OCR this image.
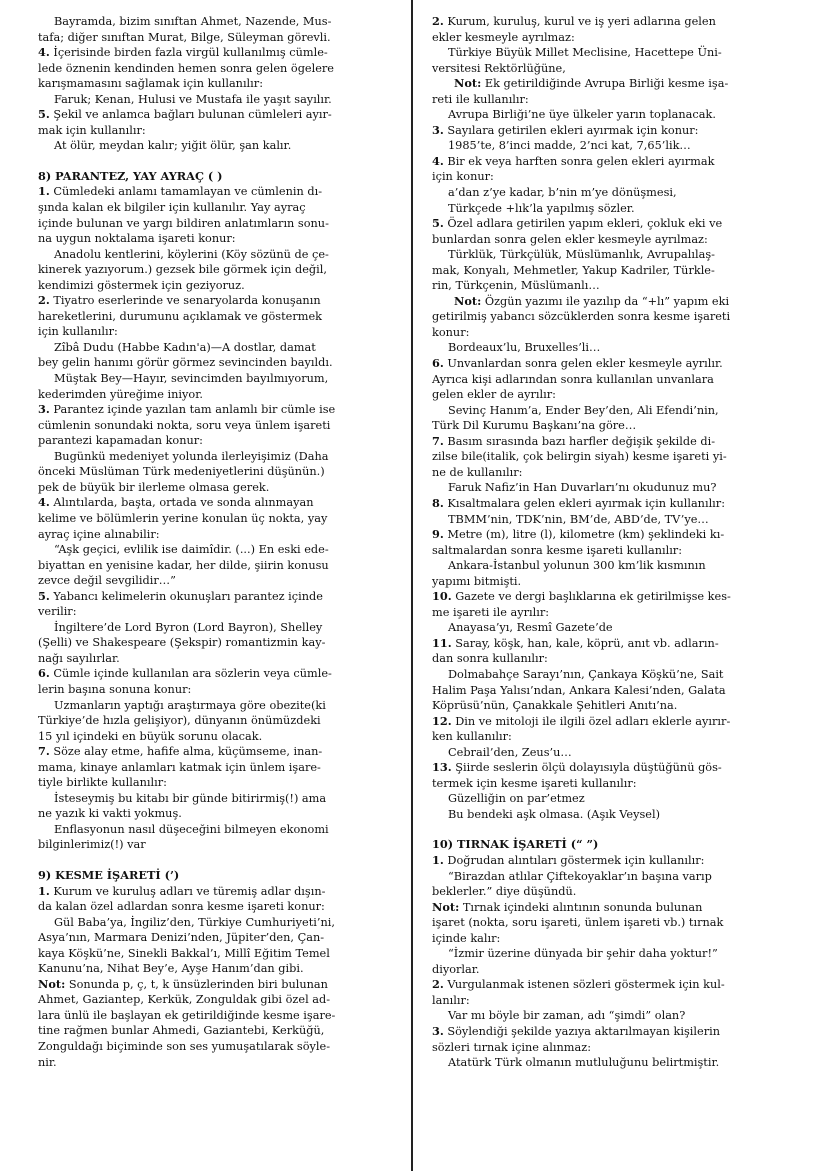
Bayramda, bizim sınıftan Ahmet, Nazende, Mus-
tafa; diğer sınıftan Murat, Bilge, Süleyman görevli.
4. İçerisinde birden fazla virgül kullanılmış cümle-
lede öznenin kendinden hemen sonra gelen ögelere
karışmamasını sağlamak için kullanılır:
Faruk; Kenan, Hulusi ve Mustafa ile yaşıt sayılır.
5. Şekil ve anlamca bağları bulunan cümleleri ayır-
mak için kullanılır:
At ölür, meydan kalır; yiğit ölür, şan kalır.
8) PARANTEZ, YAY AYRAÇ ( )
1. Cümledeki anlamı tamamlayan ve cümlenin dı-
şında kalan ek bilgiler için kullanılır. Yay ayraç
içinde bulunan ve yargı bildiren anlatımların sonu-
na uygun noktalama işareti konur:
Anadolu kentlerini, köylerini (Köy sözünü de çe-
kinerek yazıyorum.) gezsek bile görmek için değil,
kendimizi göstermek için geziyoruz.
2. Tiyatro eserlerinde ve senaryolarda konuşanın
hareketlerini, durumunu açıklamak ve göstermek
için kullanılır:
Zîbâ Dudu (Habbe Kadın'a)—A dostlar, damat
bey gelin hanımı görür görmez sevincinden bayıldı.
Müştak Bey—Hayır, sevincimden bayılmıyorum,
kederimden yüreğime iniyor.
3. Parantez içinde yazılan tam anlamlı bir cümle ise
cümlenin sonundaki nokta, soru veya ünlem işareti
parantezi kapamadan konur:
Bugünkü medeniyet yolunda ilerleyişimiz (Daha
önceki Müslüman Türk medeniyetlerini düşünün.)
pek de büyük bir ilerleme olmasa gerek.
4. Alıntılarda, başta, ortada ve sonda alınmayan
kelime ve bölümlerin yerine konulan üç nokta, yay
ayraç içine alınabilir:
“Aşk geçici, evlilik ise daimîdir. (...) En eski ede-
biyattan en yenisine kadar, her dilde, şiirin konusu
zevce değil sevgilidir…”
5. Yabancı kelimelerin okunuşları parantez içinde
verilir:
İngiltere’de Lord Byron (Lord Bayron), Shelley
(Şelli) ve Shakespeare (Şekspir) romantizmin kay-
nağı sayılırlar.
6. Cümle içinde kullanılan ara sözlerin veya cümle-
lerin başına sonuna konur:
Uzmanların yaptığı araştırmaya göre obezite(ki
Türkiye’de hızla gelişiyor), dünyanın önümüzdeki
15 yıl içindeki en büyük sorunu olacak.
7. Söze alay etme, hafife alma, küçümseme, inan-
mama, kinaye anlamları katmak için ünlem işare-
tiyle birlikte kullanılır:
İsteseymiş bu kitabı bir günde bitirirmiş(!) ama
ne yazık ki vakti yokmuş.
Enflasyonun nasıl düşeceğini bilmeyen ekonomi
bilginlerimiz(!) var
9) KESME İŞARETİ (’)
1. Kurum ve kuruluş adları ve türemiş adlar dışın-
da kalan özel adlardan sonra kesme işareti konur:
Gül Baba’ya, İngiliz’den, Türkiye Cumhuriyeti’ni,
Asya’nın, Marmara Denizi’nden, Jüpiter’den, Çan-
kaya Köşkü’ne, Sinekli Bakkal’ı, Millî Eğitim Temel
Kanunu’na, Nihat Bey’e, Ayşe Hanım’dan gibi.
Not: Sonunda p, ç, t, k ünsüzlerinden biri bulunan
Ahmet, Gaziantep, Kerkük, Zonguldak gibi özel ad-
lara ünlü ile başlayan ek getirildiğinde kesme işare-
tine rağmen bunlar Ahmedi, Gaziantebi, Kerküğü,
Zonguldağı biçiminde son ses yumuşatılarak söyle-
nir.
2. Kurum, kuruluş, kurul ve iş yeri adlarına gelen
ekler kesmeyle ayrılmaz:
Türkiye Büyük Millet Meclisine, Hacettepe Üni-
versitesi Rektörlüğüne,
Not: Ek getirildiğinde Avrupa Birliği kesme işa-
reti ile kullanılır:
Avrupa Birliği’ne üye ülkeler yarın toplanacak.
3. Sayılara getirilen ekleri ayırmak için konur:
1985’te, 8’inci madde, 2’nci kat, 7,65’lik…
4. Bir ek veya harften sonra gelen ekleri ayırmak
için konur:
a’dan z’ye kadar, b’nin m’ye dönüşmesi,
Türkçede +lık’la yapılmış sözler.
5. Özel adlara getirilen yapım ekleri, çokluk eki ve
bunlardan sonra gelen ekler kesmeyle ayrılmaz:
Türklük, Türkçülük, Müslümanlık, Avrupalılaş-
mak, Konyalı, Mehmetler, Yakup Kadriler, Türkle-
rin, Türkçenin, Müslümanlı…
Not: Özgün yazımı ile yazılıp da “+lı” yapım eki
getirilmiş yabancı sözcüklerden sonra kesme işareti
konur:
Bordeaux’lu, Bruxelles’li…
6. Unvanlardan sonra gelen ekler kesmeyle ayrılır.
Ayrıca kişi adlarından sonra kullanılan unvanlara
gelen ekler de ayrılır:
Sevinç Hanım’a, Ender Bey’den, Ali Efendi’nin,
Türk Dil Kurumu Başkanı’na göre…
7. Basım sırasında bazı harfler değişik şekilde di-
zilse bile(italik, çok belirgin siyah) kesme işareti yi-
ne de kullanılır:
Faruk Nafiz’in Han Duvarları’nı okudunuz mu?
8. Kısaltmalara gelen ekleri ayırmak için kullanılır:
TBMM’nin, TDK’nin, BM’de, ABD’de, TV’ye…
9. Metre (m), litre (l), kilometre (km) şeklindeki kı-
saltmalardan sonra kesme işareti kullanılır:
Ankara-İstanbul yolunun 300 km’lik kısmının
yapımı bitmişti.
10. Gazete ve dergi başlıklarına ek getirilmişse kes-
me işareti ile ayrılır:
Anayasa’yı, Resmî Gazete’de
11. Saray, köşk, han, kale, köprü, anıt vb. adların-
dan sonra kullanılır:
Dolmabahçe Sarayı’nın, Çankaya Köşkü’ne, Sait
Halim Paşa Yalısı’ndan, Ankara Kalesi’nden, Galata
Köprüsü’nün, Çanakkale Şehitleri Anıtı’na.
12. Din ve mitoloji ile ilgili özel adları eklerle ayırır-
ken kullanılır:
Cebrail’den, Zeus’u…
13. Şiirde seslerin ölçü dolayısıyla düştüğünü gös-
termek için kesme işareti kullanılır:
Güzelliğin on par’etmez
Bu bendeki aşk olmasa. (Aşık Veysel)
10) TIRNAK İŞARETİ (“ ”)
1. Doğrudan alıntıları göstermek için kullanılır:
“Birazdan atlılar Çiftekoyaklar’ın başına varıp
beklerler.” diye düşündü.
Not: Tırnak içindeki alıntının sonunda bulunan
işaret (nokta, soru işareti, ünlem işareti vb.) tırnak
içinde kalır:
“İzmir üzerine dünyada bir şehir daha yoktur!”
diyorlar.
2. Vurgulanmak istenen sözleri göstermek için kul-
lanılır:
Var mı böyle bir zaman, adı “şimdi” olan?
3. Söylendiği şekilde yazıya aktarılmayan kişilerin
sözleri tırnak içine alınmaz:
Atatürk Türk olmanın mutluluğunu belirtmiştir.
